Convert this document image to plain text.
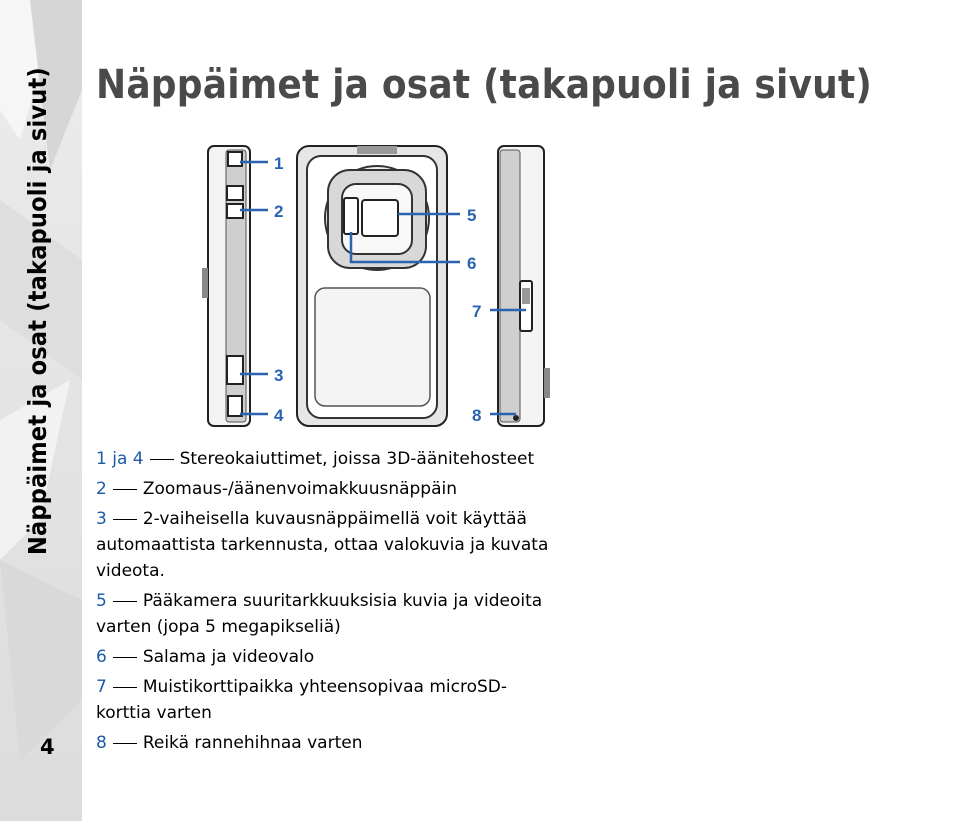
Näppäimet ja osat (takapuoli ja sivut)
4
Näppäimet ja osat (takapuoli ja sivut)
1
2
3
4
5
6
7
8
1 ja 4 Stereokaiuttimet, joissa 3D-äänitehosteet
2 Zoomaus-/äänenvoimakkuusnäppäin
3 2-vaiheisella kuvausnäppäimellä voit käyttää automaattista tarkennusta, ottaa valokuvia ja kuvata videota.
5 Pääkamera suuritarkkuuksisia kuvia ja videoita varten (jopa 5 megapikseliä)
6 Salama ja videovalo
7 Muistikorttipaikka yhteensopivaa microSD-korttia varten
8 Reikä rannehihnaa varten
